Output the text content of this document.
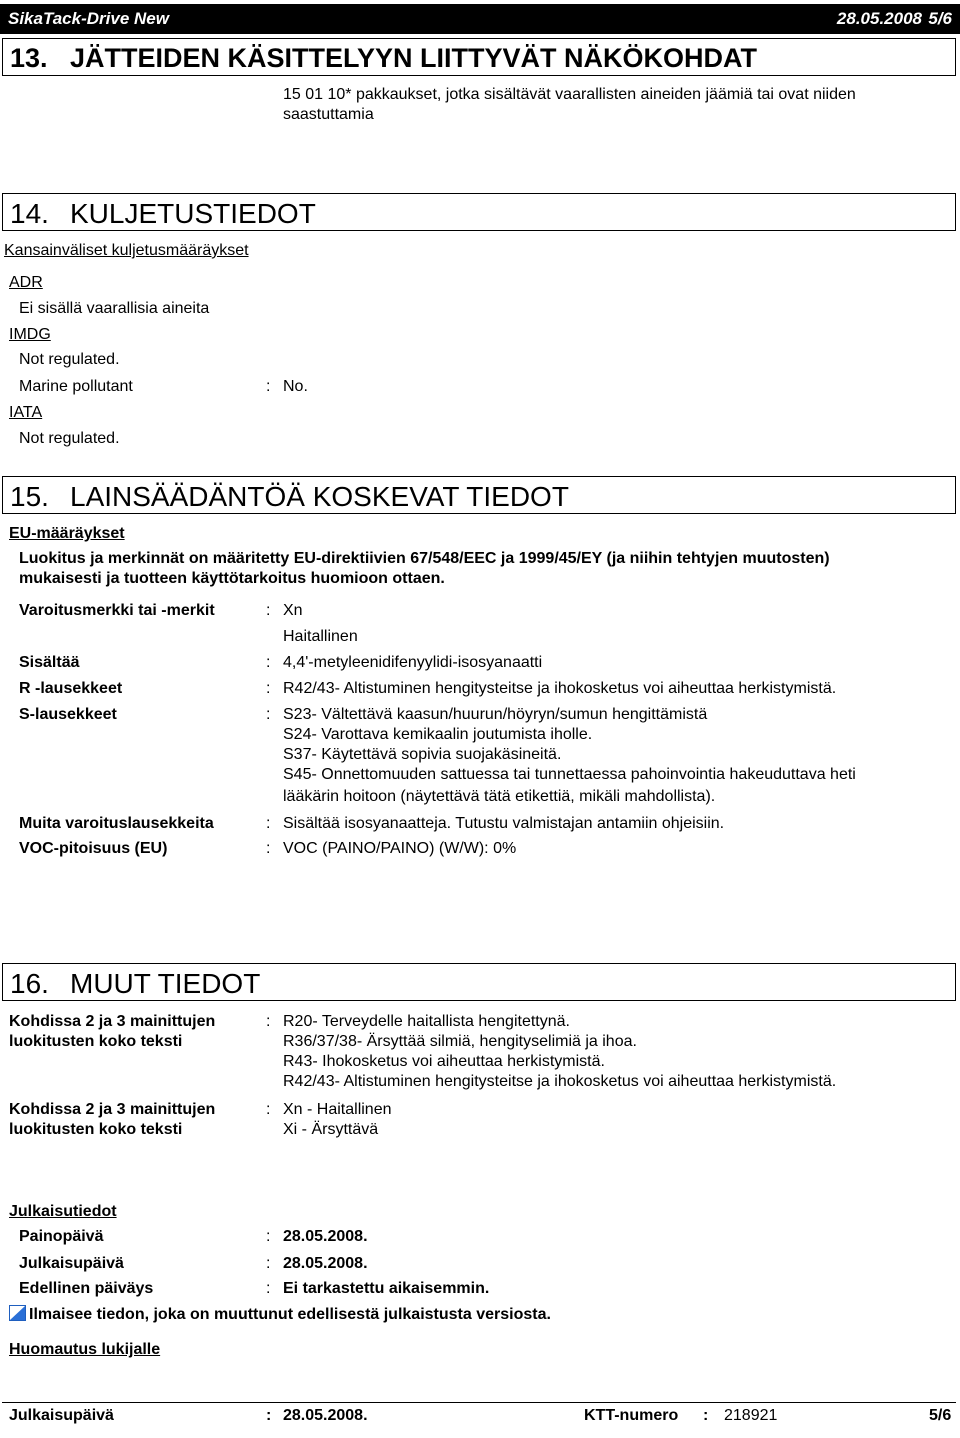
SikaTack-Drive New	28.05.2008 5/6
13. JÄTTEIDEN KÄSITTELYYN LIITTYVÄT NÄKÖKOHDAT
15 01 10* pakkaukset, jotka sisältävät vaarallisten aineiden jäämiä tai ovat niiden
saastuttamia
14. KULJETUSTIEDOT
Kansainväliset kuljetusmääräykset
ADR
Ei sisällä vaarallisia aineita
IMDG
Not regulated.
Marine pollutant	: No.
IATA
Not regulated.
15. LAINSÄÄDÄNTÖÄ KOSKEVAT TIEDOT
EU-määräykset
Luokitus ja merkinnät on määritetty EU-direktiivien 67/548/EEC ja 1999/45/EY (ja niihin tehtyjen muutosten)
mukaisesti ja tuotteen käyttötarkoitus huomioon ottaen.
Varoitusmerkki tai -merkit	: Xn
Haitallinen
Sisältää	: 4,4'-metyleenidifenyylidi-isosyanaatti
R -lausekkeet	: R42/43- Altistuminen hengitysteitse ja ihokosketus voi aiheuttaa herkistymistä.
S-lausekkeet	: S23- Vältettävä kaasun/huurun/höyryn/sumun hengittämistä
S24- Varottava kemikaalin joutumista iholle.
S37- Käytettävä sopivia suojakäsineitä.
S45- Onnettomuuden sattuessa tai tunnettaessa pahoinvointia hakeuduttava heti
lääkärin hoitoon (näytettävä tätä etikettiä, mikäli mahdollista).
Muita varoituslausekkeita	: Sisältää isosyanaatteja. Tutustu valmistajan antamiin ohjeisiin.
VOC-pitoisuus (EU)	: VOC (PAINO/PAINO) (W/W): 0%
16. MUUT TIEDOT
Kohdissa 2 ja 3 mainittujen
luokitusten koko teksti
: R20- Terveydelle haitallista hengitettynä.
R36/37/38- Ärsyttää silmiä, hengityselimiä ja ihoa.
R43- Ihokosketus voi aiheuttaa herkistymistä.
R42/43- Altistuminen hengitysteitse ja ihokosketus voi aiheuttaa herkistymistä.
Kohdissa 2 ja 3 mainittujen
luokitusten koko teksti
: Xn - Haitallinen
Xi - Ärsyttävä
Julkaisutiedot
Painopäivä	: 28.05.2008.
Julkaisupäivä	: 28.05.2008.
Edellinen päiväys	: Ei tarkastettu aikaisemmin.
Ilmaisee tiedon, joka on muuttunut edellisestä julkaistusta versiosta.
Huomautus lukijalle
Julkaisupäivä	: 28.05.2008.	KTT-numero : 218921	5/6
